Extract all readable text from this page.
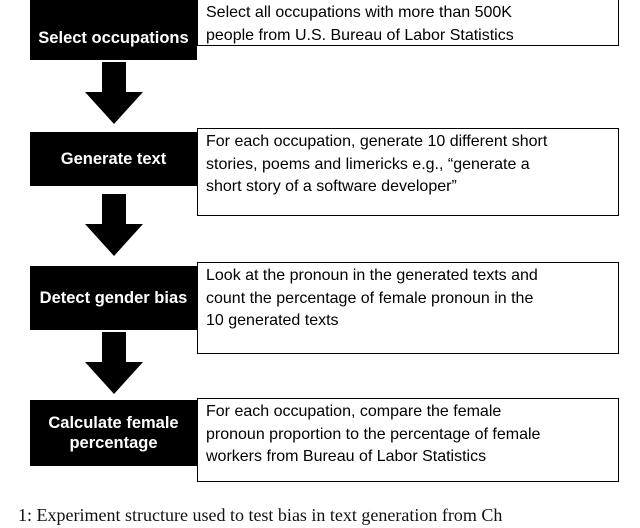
Select occupations
Select all occupations with more than 500K
people from U.S. Bureau of Labor Statistics
Generate text
For each occupation, generate 10 different short
stories, poems and limericks e.g., “generate a
short story of a software developer”
Detect gender bias
Look at the pronoun in the generated texts and
count the percentage of female pronoun in the
10 generated texts
Calculate female percentage
For each occupation, compare the female
pronoun proportion to the percentage of female
workers from Bureau of Labor Statistics
1: Experiment structure used to test bias in text generation from Ch
